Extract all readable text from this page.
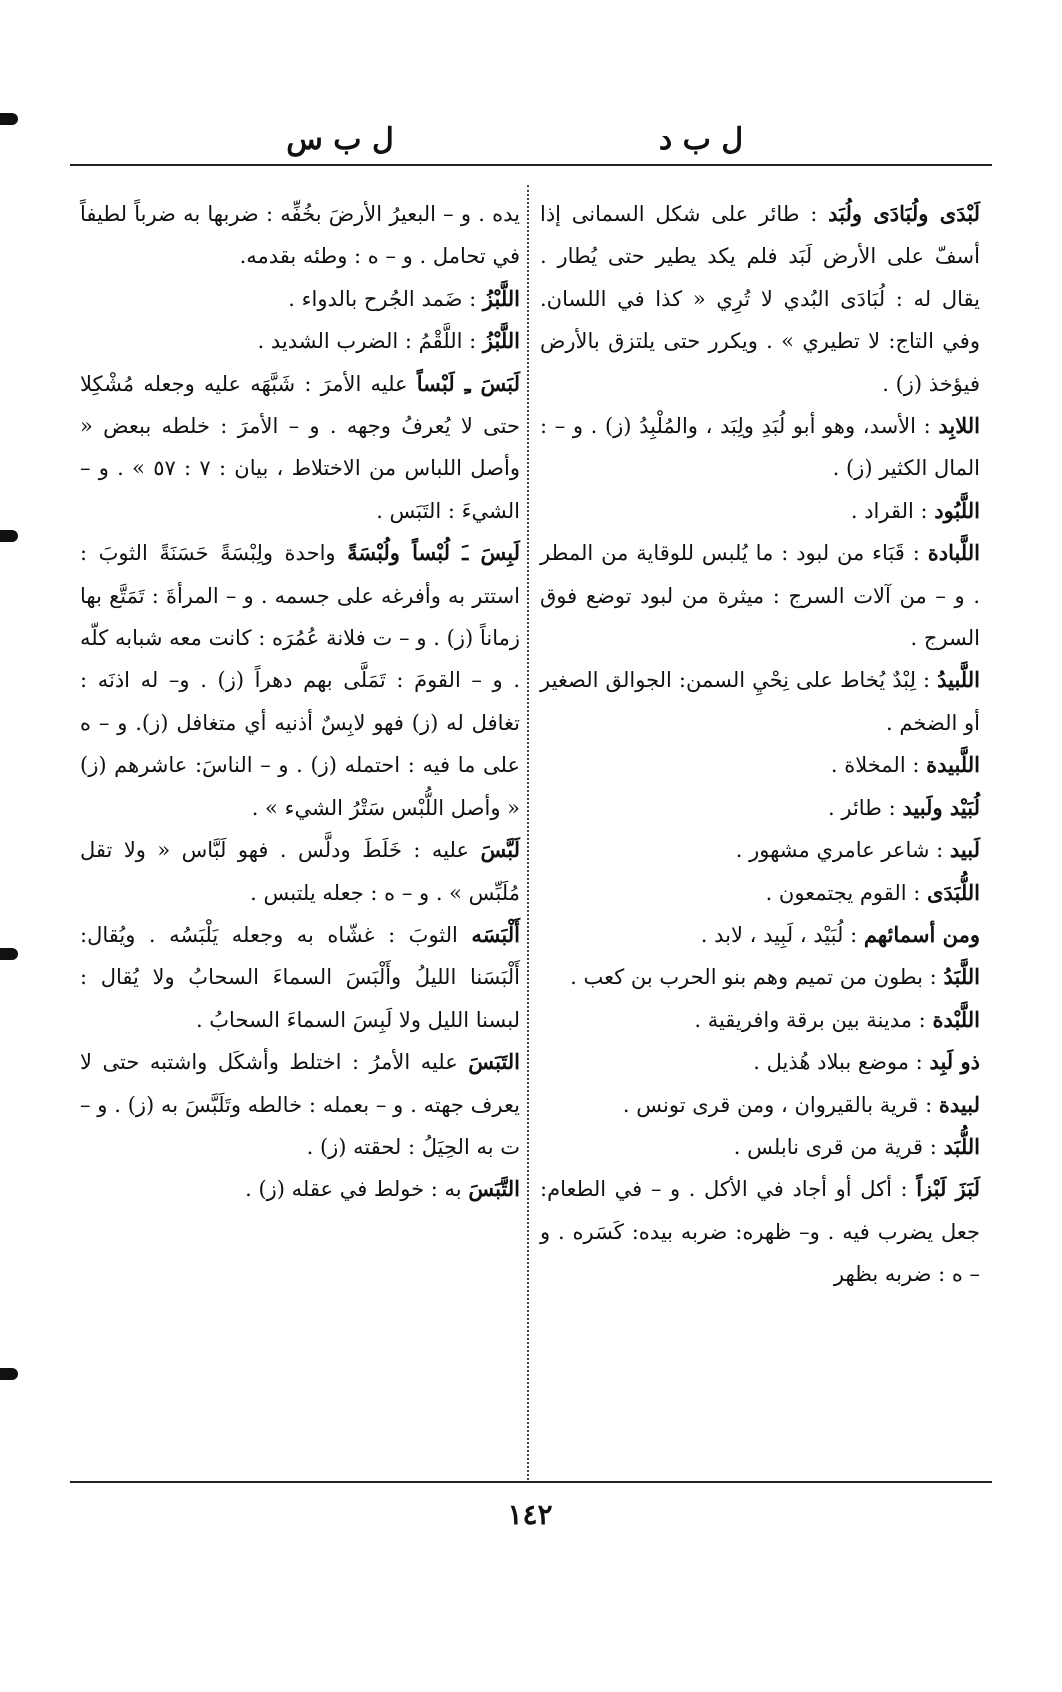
ل ب د
ل ب س

لَبْدَى ولُبَادَى ولُبَد : طائر على شكل السمانى إذا أسفّ على الأرض لَبَد فلم يكد يطير حتى يُطار . يقال له : لُبَادَى البُدي لا تُرِي « كذا في اللسان. وفي التاج: لا تطيري » . ويكرر حتى يلتزق بالأرض فيؤخذ (ز) .

اللابِد : الأسد، وهو أبو لُبَدِ ولِبَد ، والمُلْبِدُ (ز) . و – : المال الكثير (ز) .

اللَّبُود : القراد .

اللَّبادة : قَبَاء من لبود : ما يُلبس للوقاية من المطر . و – من آلات السرج : ميثرة من لبود توضع فوق السرج .

اللَّبيدُ : لِبْدٌ يُخاط على نِحْيِ السمن: الجوالق الصغير أو الضخم .

اللَّبيدة : المخلاة .

لُبَيْد ولَبيد : طائر .

لَبيد : شاعر عامري مشهور .

اللُّبَدَى : القوم يجتمعون .

ومن أسمائهم : لُبَيْد ، لَبِيد ، لابد .

اللَّبَدُ : بطون من تميم وهم بنو الحرب بن كعب .

اللَّبْدة : مدينة بين برقة وافريقية .

ذو لَبِد : موضع ببلاد هُذيل .

لبيدة : قرية بالقيروان ، ومن قرى تونس .

اللُّبَد : قرية من قرى نابلس .

لَبَزَ لَبْزاً : أكل أو أجاد في الأكل . و – في الطعام: جعل يضرب فيه . و– ظهره: ضربه بيده: كَسَره . و – ه : ضربه بظهر

يده . و – البعيرُ الأرضَ بخُفِّه : ضربها به ضرباً لطيفاً في تحامل . و – ه : وطئه بقدمه.

اللَّبْزُ : ضَمد الجُرح بالدواء .

اللَّبْزُ : اللَّقْمُ : الضرب الشديد .

لَبَسَ ـِ لَبْساً عليه الأمرَ : شَبَّهَه عليه وجعله مُشْكِلا حتى لا يُعرفُ وجهه . و – الأمرَ : خلطه ببعض « وأصل اللباس من الاختلاط ، بيان : ٧ : ٥٧ » . و – الشيءَ : التَبَس .

لَبِسَ ـَ لُبْساً ولُبْسَةً واحدة ولِبْسَةً حَسَنَةً الثوبَ : استتر به وأفرغه على جسمه . و – المرأةَ : تَمَتَّع بها زماناً (ز) . و – ت فلانة عُمُرَه : كانت معه شبابه كلّه . و – القومَ : تَمَلَّى بهم دهراً (ز) . و– له اذنَه : تغافل له (ز) فهو لابِسٌ أذنيه أي متغافل (ز). و – ه على ما فيه : احتمله (ز) . و – الناسَ: عاشرهم (ز) « وأصل اللُّبْس سَتْرُ الشيء » .

لَبَّسَ عليه : خَلَطَ ودلَّس . فهو لَبَّاس « ولا تقل مُلَبِّس » . و – ه : جعله يلتبس .

أَلْبَسَه الثوبَ : غشّاه به وجعله يَلْبَسُه . ويُقال: أَلْبَسَنا الليلُ وأَلْبَسَ السماءَ السحابُ ولا يُقال : لبسنا الليل ولا لَبِسَ السماءَ السحابُ .

التَبَسَ عليه الأمرُ : اختلط وأشكَل واشتبه حتى لا يعرف جهته . و – بعمله : خالطه وتَلَبَّسَ به (ز) . و – ت به الحِيَلُ : لحقته (ز) .

التَّبَسَ به : خولط في عقله (ز) .

١٤٢
